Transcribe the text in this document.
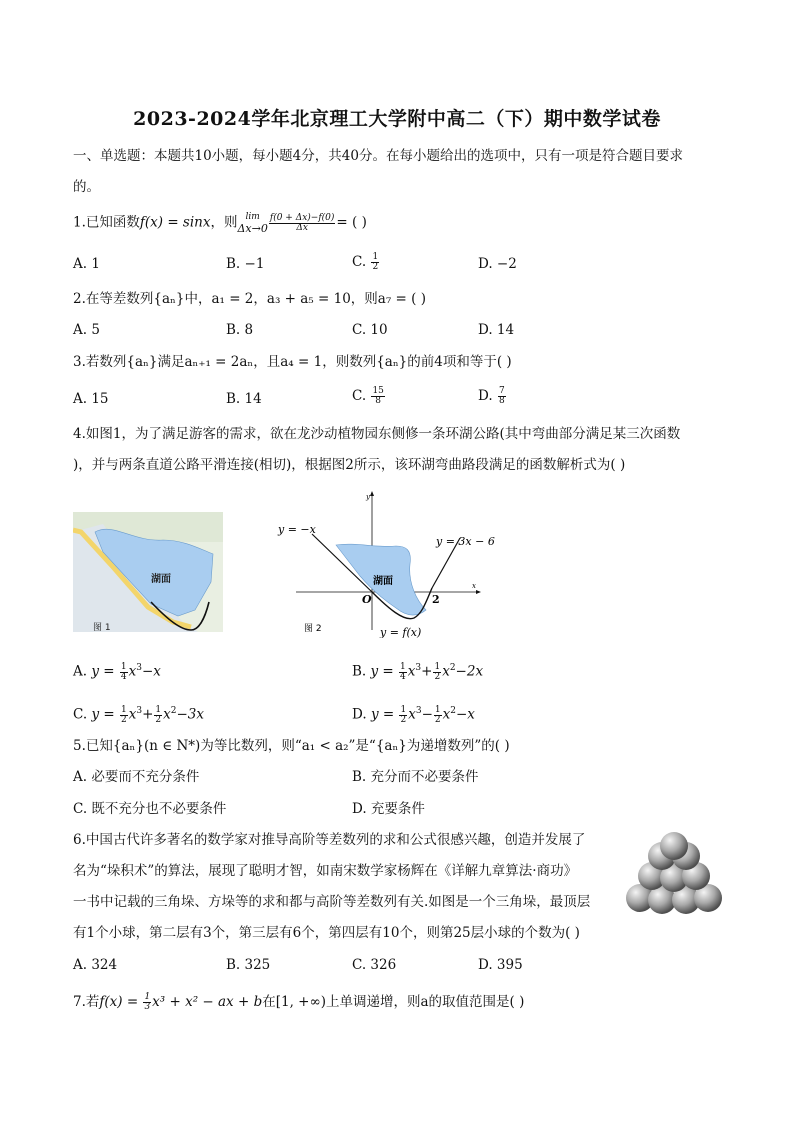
2023-2024学年北京理工大学附中高二（下）期中数学试卷
一、单选题：本题共10小题，每小题4分，共40分。在每小题给出的选项中，只有一项是符合题目要求
的。
1.已知函数f(x) = sinx，则 lim
$\Delta x\to 0 \frac{f(0 + \Delta x)-f(0)}{\Delta x}$ = ( )
A. 1	B. −1	C. $\frac{1}{2}$	D. −2
2.在等差数列{aₙ}中，a₁ = 2，a₃ + a₅ = 10，则a₇ = ( )
A. 5	B. 8	C. 10	D. 14
3.若数列{aₙ}满足aₙ₊₁ = 2aₙ，且a₄ = 1，则数列{aₙ}的前4项和等于( )
A. 15	B. 14	C. $\frac{15}{8}$	D. $\frac{7}{8}$
4.如图1，为了满足游客的需求，欲在龙沙动植物园东侧修一条环湖公路(其中弯曲部分满足某三次函数
)，并与两条直道公路平滑连接(相切)，根据图2所示，该环湖弯曲路段满足的函数解析式为( )
湖面
图 1
x
y
y = −x
y = 3x − 6
y = f(x)
湖面
O	2
图 2
A. $y = \frac{1}{4} x^3-x$	B. $y = \frac{1}{4} x^3+ \frac{1}{2} x^2-2x$
C. $y = \frac{1}{2} x^3+ \frac{1}{2} x^2-3x$	D. $y = \frac{1}{2} x^3- \frac{1}{2} x^2-x$
5.已知{aₙ}(n ∈ N*)为等比数列，则“a₁ < a₂”是“{aₙ}为递增数列”的( )
A. 必要而不充分条件	B. 充分而不必要条件
C. 既不充分也不必要条件	D. 充要条件
6.中国古代许多著名的数学家对推导高阶等差数列的求和公式很感兴趣，创造并发展了
名为“垛积术”的算法，展现了聪明才智，如南宋数学家杨辉在《详解九章算法·商功》
一书中记载的三角垛、方垛等的求和都与高阶等差数列有关.如图是一个三角垛，最顶层
有1个小球，第二层有3个，第三层有6个，第四层有10个，则第25层小球的个数为( )
A. 324	B. 325	C. 326	D. 395
7.若$f(x) = \frac{1}{3} x^3 + x^2$ − ax + b在[1, +∞)上单调递增，则a的取值范围是( )
